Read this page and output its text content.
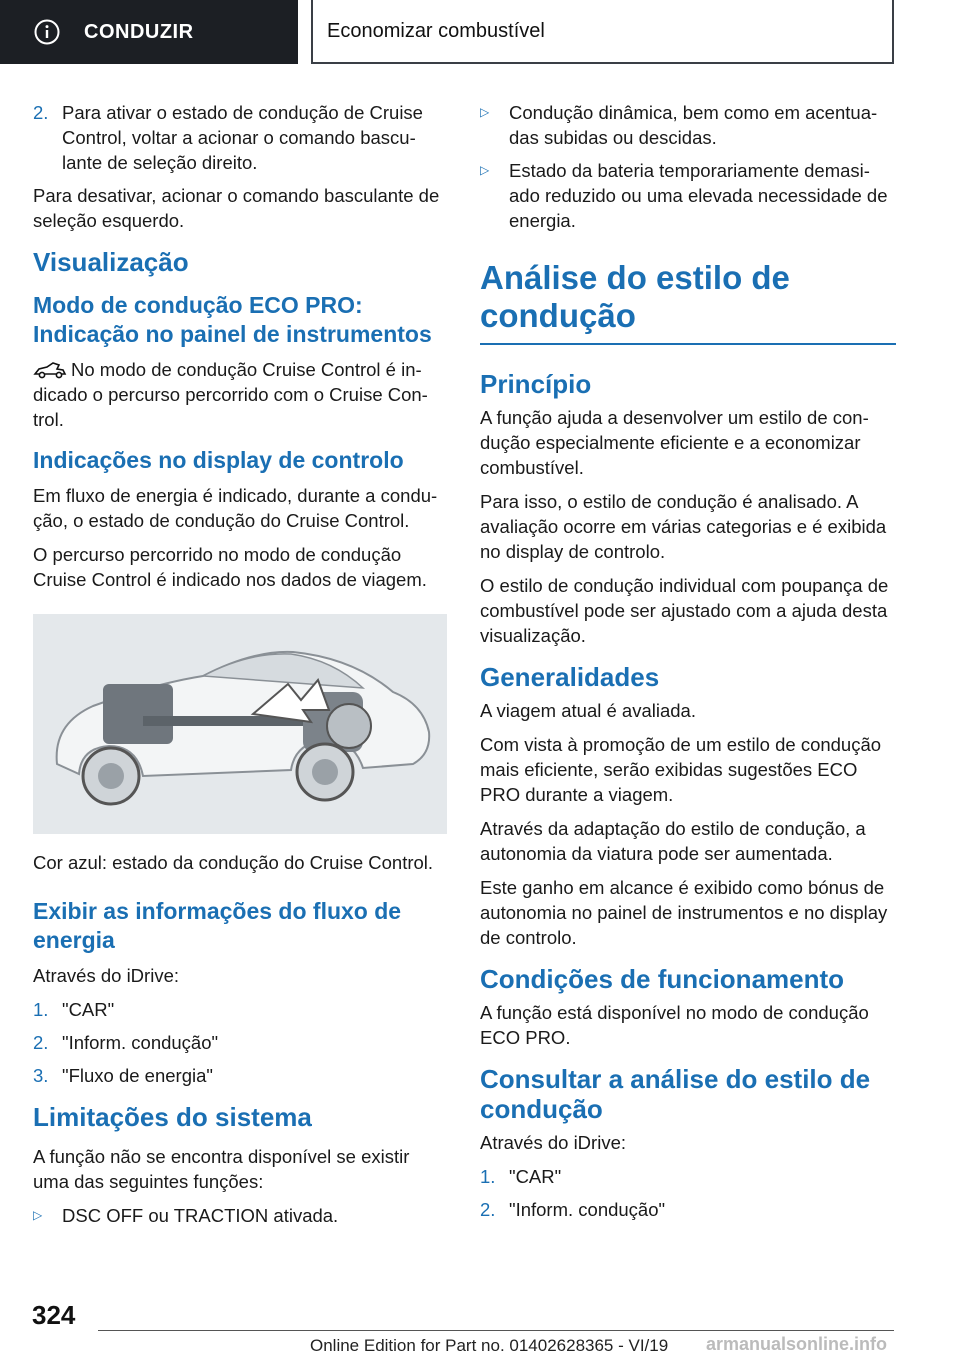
CONDUZIR	Economizar combustível
2. Para ativar o estado de condução de Cruise Control, voltar a acionar o comando bascu-lante de seleção direito.

Para desativar, acionar o comando basculante de seleção esquerdo.

Visualização
Modo de condução ECO PRO: Indicação no painel de instrumentos

No modo de condução Cruise Control é in-dicado o percurso percorrido com o Cruise Con-trol.

Indicações no display de controlo

Em fluxo de energia é indicado, durante a condu-ção, o estado de condução do Cruise Control.

O percurso percorrido no modo de condução Cruise Control é indicado nos dados de viagem.

Cor azul: estado da condução do Cruise Control.

Exibir as informações do fluxo de energia

Através do iDrive:

1. "CAR"
2. "Inform. condução"
3. "Fluxo de energia"
Limitações do sistema

A função não se encontra disponível se existir uma das seguintes funções:

▷	DSC OFF ou TRACTION ativada.
▷	Condução dinâmica, bem como em acentua-das subidas ou descidas.
▷	Estado da bateria temporariamente demasi-ado reduzido ou uma elevada necessidade de energia.
Análise do estilo de condução
Princípio

A função ajuda a desenvolver um estilo de con-dução especialmente eficiente e a economizar combustível.

Para isso, o estilo de condução é analisado. A avaliação ocorre em várias categorias e é exibida no display de controlo.

O estilo de condução individual com poupança de combustível pode ser ajustado com a ajuda desta visualização.

Generalidades

A viagem atual é avaliada.

Com vista à promoção de um estilo de condução mais eficiente, serão exibidas sugestões ECO PRO durante a viagem.

Através da adaptação do estilo de condução, a autonomia da viatura pode ser aumentada.

Este ganho em alcance é exibido como bónus de autonomia no painel de instrumentos e no display de controlo.

Condições de funcionamento

A função está disponível no modo de condução ECO PRO.

Consultar a análise do estilo de condução

Através do iDrive:

1. "CAR"
2. "Inform. condução"
324
Online Edition for Part no. 01402628365 - VI/19 armanualsonline.info
